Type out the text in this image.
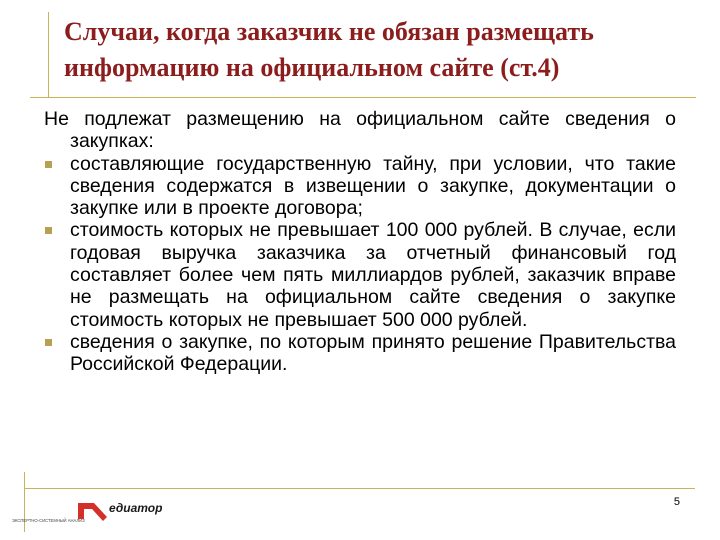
Случаи, когда заказчик не обязан размещать
информацию на официальном сайте (ст.4)

Не подлежат размещению на официальном сайте сведения о закупках:

составляющие государственную тайну, при условии, что такие сведения содержатся в извещении о закупке, документации о закупке или в проекте договора;
стоимость которых не превышает 100 000 рублей. В случае, если годовая выручка заказчика за отчетный финансовый год составляет более чем пять миллиардов рублей, заказчик вправе не размещать на официальном сайте сведения о закупке стоимость которых не превышает 500 000 рублей.
сведения о закупке, по которым принято решение Правительства Российской Федерации.
5
едиатор
ЭКСПЕРТНО-СИСТЕМНЫЙ АНАЛИЗ
